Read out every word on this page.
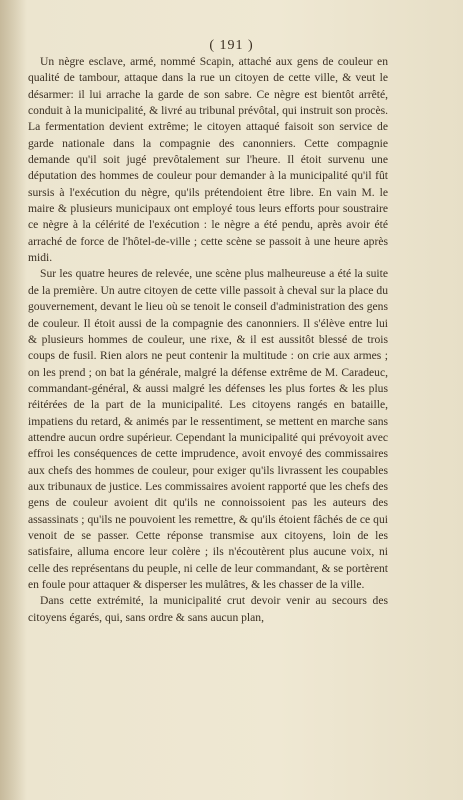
( 191 )

Un nègre esclave, armé, nommé Scapin, attaché aux gens de couleur en qualité de tambour, attaque dans la rue un citoyen de cette ville, & veut le désarmer: il lui arrache la garde de son sabre. Ce nègre est bientôt arrêté, conduit à la municipalité, & livré au tribunal prévôtal, qui instruit son procès. La fermentation devient extrême; le citoyen attaqué faisoit son service de garde nationale dans la compagnie des canonniers. Cette compagnie demande qu'il soit jugé prevôtalement sur l'heure. Il étoit survenu une députation des hommes de couleur pour demander à la municipalité qu'il fût sursis à l'exécution du nègre, qu'ils prétendoient être libre. En vain M. le maire & plusieurs municipaux ont employé tous leurs efforts pour soustraire ce nègre à la célérité de l'exécution : le nègre a été pendu, après avoir été arraché de force de l'hôtel-de-ville ; cette scène se passoit à une heure après midi.

Sur les quatre heures de relevée, une scène plus malheureuse a été la suite de la première. Un autre citoyen de cette ville passoit à cheval sur la place du gouvernement, devant le lieu où se tenoit le conseil d'administration des gens de couleur. Il étoit aussi de la compagnie des canonniers. Il s'élève entre lui & plusieurs hommes de couleur, une rixe, & il est aussitôt blessé de trois coups de fusil. Rien alors ne peut contenir la multitude : on crie aux armes ; on les prend ; on bat la générale, malgré la défense extrême de M. Caradeuc, commandant-général, & aussi malgré les défenses les plus fortes & les plus réitérées de la part de la municipalité. Les citoyens rangés en bataille, impatiens du retard, & animés par le ressentiment, se mettent en marche sans attendre aucun ordre supérieur. Cependant la municipalité qui prévoyoit avec effroi les conséquences de cette imprudence, avoit envoyé des commissaires aux chefs des hommes de couleur, pour exiger qu'ils livrassent les coupables aux tribunaux de justice. Les commissaires avoient rapporté que les chefs des gens de couleur avoient dit qu'ils ne connoissoient pas les auteurs des assassinats ; qu'ils ne pouvoient les remettre, & qu'ils étoient fâchés de ce qui venoit de se passer. Cette réponse transmise aux citoyens, loin de les satisfaire, alluma encore leur colère ; ils n'écoutèrent plus aucune voix, ni celle des représentans du peuple, ni celle de leur commandant, & se portèrent en foule pour attaquer & disperser les mulâtres, & les chasser de la ville.

Dans cette extrémité, la municipalité crut devoir venir au secours des citoyens égarés, qui, sans ordre & sans aucun plan,
